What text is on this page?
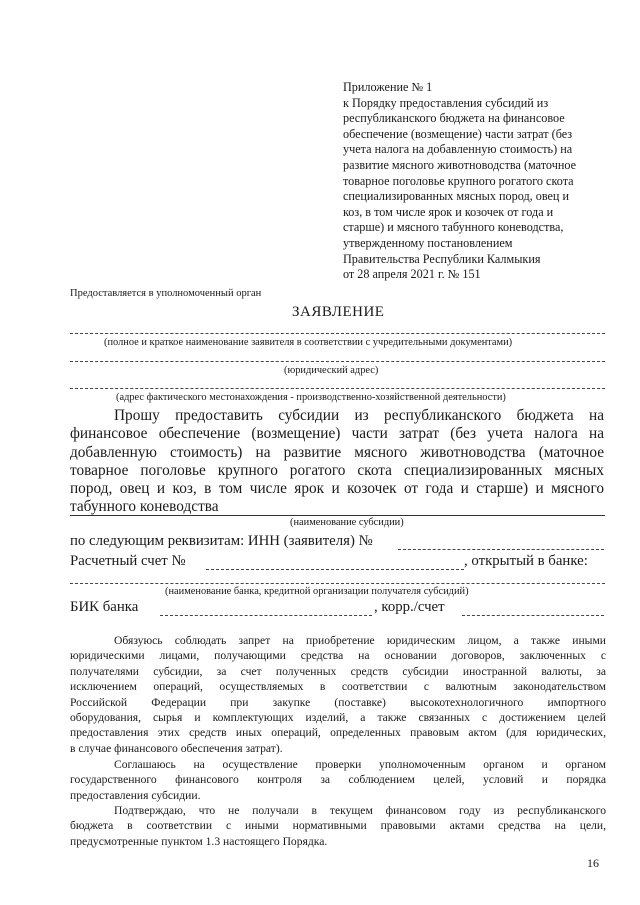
Приложение № 1
к Порядку предоставления субсидий из
республиканского бюджета на финансовое
обеспечение (возмещение) части затрат (без
учета налога на добавленную стоимость) на
развитие мясного животноводства (маточное
товарное поголовье крупного рогатого скота
специализированных мясных пород, овец и
коз, в том числе ярок и козочек от года и
старше) и мясного табунного коневодства,
утвержденному постановлением
Правительства Республики Калмыкия
от 28 апреля 2021 г. № 151
Предоставляется в уполномоченный орган
ЗАЯВЛЕНИЕ
(полное и краткое наименование заявителя в соответствии с учредительными документами)
(юридический адрес)
(адрес фактического местонахождения - производственно-хозяйственной деятельности)
Прошу предоставить субсидии из республиканского бюджета на
финансовое обеспечение (возмещение) части затрат (без учета налога на
добавленную стоимость) на развитие мясного животноводства (маточное
товарное поголовье крупного рогатого скота специализированных мясных
пород, овец и коз, в том числе ярок и козочек от года и старше) и мясного
табунного коневодства
(наименование субсидии)
по следующим реквизитам: ИНН (заявителя) №
Расчетный счет №	, открытый в банке:
(наименование банка, кредитной организации получателя субсидий)
БИК банка	, корр./счет
Обязуюсь соблюдать запрет на приобретение юридическим лицом, а также иными
юридическими лицами, получающими средства на основании договоров, заключенных с
получателями субсидии, за счет полученных средств субсидии иностранной валюты, за
исключением операций, осуществляемых в соответствии с валютным законодательством
Российской Федерации при закупке (поставке) высокотехнологичного импортного
оборудования, сырья и комплектующих изделий, а также связанных с достижением целей
предоставления этих средств иных операций, определенных правовым актом (для юридических,
в случае финансового обеспечения затрат).
Соглашаюсь на осуществление проверки уполномоченным органом и органом
государственного финансового контроля за соблюдением целей, условий и порядка
предоставления субсидии.
Подтверждаю, что не получали в текущем финансовом году из республиканского
бюджета в соответствии с иными нормативными правовыми актами средства на цели,
предусмотренные пунктом 1.3 настоящего Порядка.
16
